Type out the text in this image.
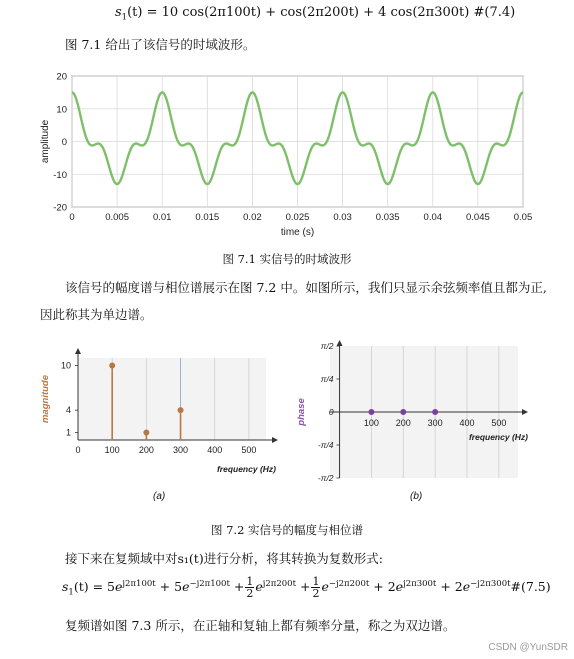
$s_1(t) = 10$ cos(2π100t) + cos(2π200t) + 4 cos(2π300t) #(7.4)
图 7.1 给出了该信号的时域波形。
0	0.005	0.01	0.015	0.02	0.025	0.03	0.035	0.04	0.045	0.05
20
10
0
-10
-20
time (s)
amplitude
图 7.1 实信号的时域波形
该信号的幅度谱与相位谱展示在图 7.2 中。如图所示，我们只显示余弦频率值且都为正,
因此称其为单边谱。
0	100 200 300 400 500
10
4
1
frequency (Hz)
magnitude
(a)
100 200 300 400 500
π/2
π/4
0
-π/4
-π/2
frequency (Hz)
phase
(b)
图 7.2 实信号的幅度与相位谱
接下来在复频域中对s₁(t)进行分析，将其转换为复数形式:
$s_1(t) = 5e^{j2\pi 100t} + 5e^{-j2\pi 100t} + \frac{1}{2} e^{j2\pi 200t} + \frac{1}{2} e^{-j2\pi 200t} + 2e^{j2\pi 300t}$ + $2e^{-j2\pi 300t}\#(7.5)$
复频谱如图 7.3 所示，在正轴和复轴上都有频率分量，称之为双边谱。
CSDN @YunSDR
